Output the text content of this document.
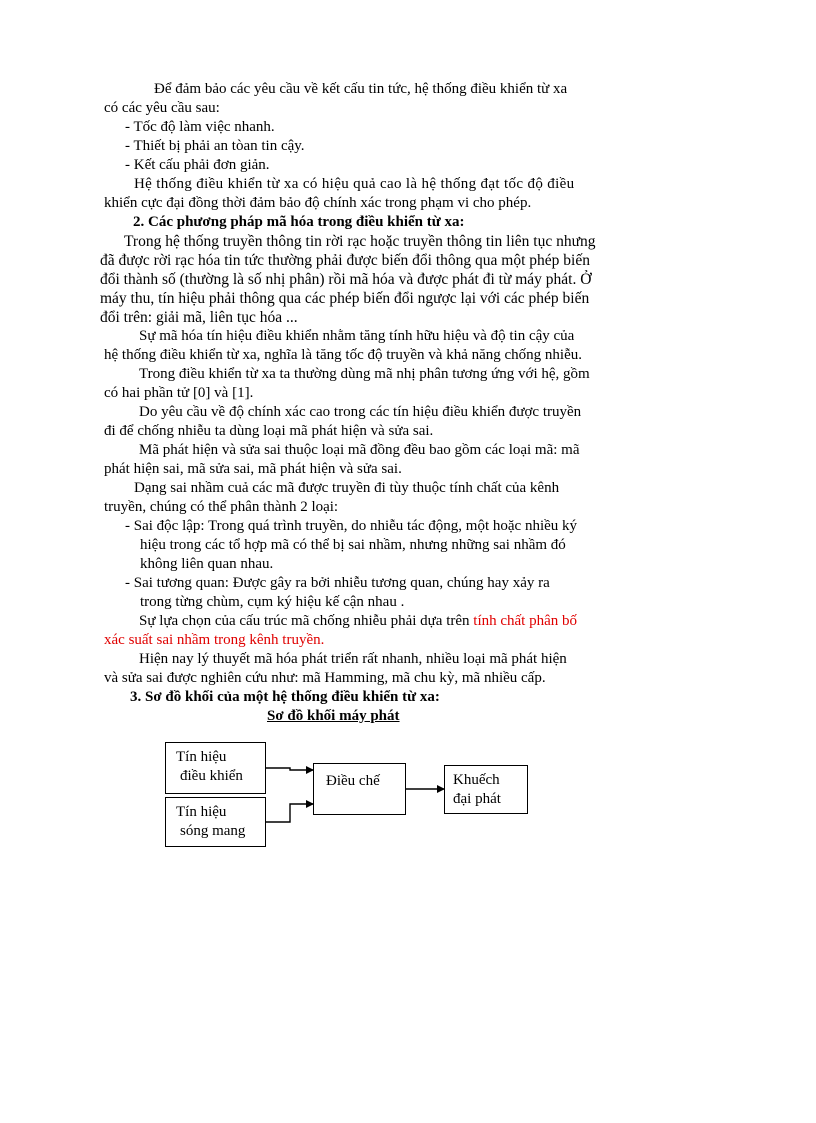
Để đảm bảo các yêu cầu về kết cấu tin tức, hệ thống điều khiển từ xa
có các yêu cầu sau:
- Tốc độ làm việc nhanh.
- Thiết bị phải an tòan tin cậy.
- Kết cấu phải đơn giản.
Hệ thống điều khiển từ xa có hiệu quả cao là hệ thống đạt tốc độ điều
khiển cực đại đồng thời đảm bảo độ chính xác trong phạm vi cho phép.
2. Các phương pháp mã hóa trong điều khiển từ xa:
Trong hệ thống truyền thông tin rời rạc hoặc truyền thông tin liên tục nhưng
đã được rời rạc hóa tin tức thường phải được biến đổi thông qua một phép biến
đổi thành số (thường là số nhị phân) rồi mã hóa và được phát đi từ máy phát. Ở
máy thu, tín hiệu phải thông qua các phép biến đổi ngược lại với các phép biến
đổi trên: giải mã, liên tục hóa ...
Sự mã hóa tín hiệu điều khiển nhằm tăng tính hữu hiệu và độ tin cậy của
hệ thống điều khiển từ xa, nghĩa là tăng tốc độ truyền và khả năng chống nhiễu.
Trong điều khiển từ xa ta thường dùng mã nhị phân tương ứng với hệ, gồm
có hai phần tử [0] và [1].
Do yêu cầu về độ chính xác cao trong các tín hiệu điều khiển được truyền
đi để chống nhiễu ta dùng loại mã phát hiện và sửa sai.
Mã phát hiện và sửa sai thuộc loại mã đồng đều bao gồm các loại mã: mã
phát hiện sai, mã sửa sai, mã phát hiện và sửa sai.
Dạng sai nhầm cuả các mã được truyền đi tùy thuộc tính chất của kênh
truyền, chúng có thể phân thành 2 loại:
- Sai độc lập: Trong quá trình truyền, do nhiễu tác động, một hoặc nhiều ký
hiệu trong các tổ hợp mã có thể bị sai nhầm, nhưng những sai nhầm đó
không liên quan nhau.
- Sai tương quan: Được gây ra bởi nhiễu tương quan, chúng hay xảy ra
trong từng chùm, cụm ký hiệu kế cận nhau .
Sự lựa chọn của cấu trúc mã chống nhiễu phải dựa trên tính chất phân bố
xác suất sai nhầm trong kênh truyền.
Hiện nay lý thuyết mã hóa phát triển rất nhanh, nhiều loại mã phát hiện
và sửa sai được nghiên cứu như: mã Hamming, mã chu kỳ, mã nhiều cấp.
3. Sơ đồ khối của một hệ thống điều khiển từ xa:
Sơ đồ khối máy phát
Tín hiệu
điều khiển
Tín hiệu
sóng mang
Điều chế	Khuếch
đại phát
